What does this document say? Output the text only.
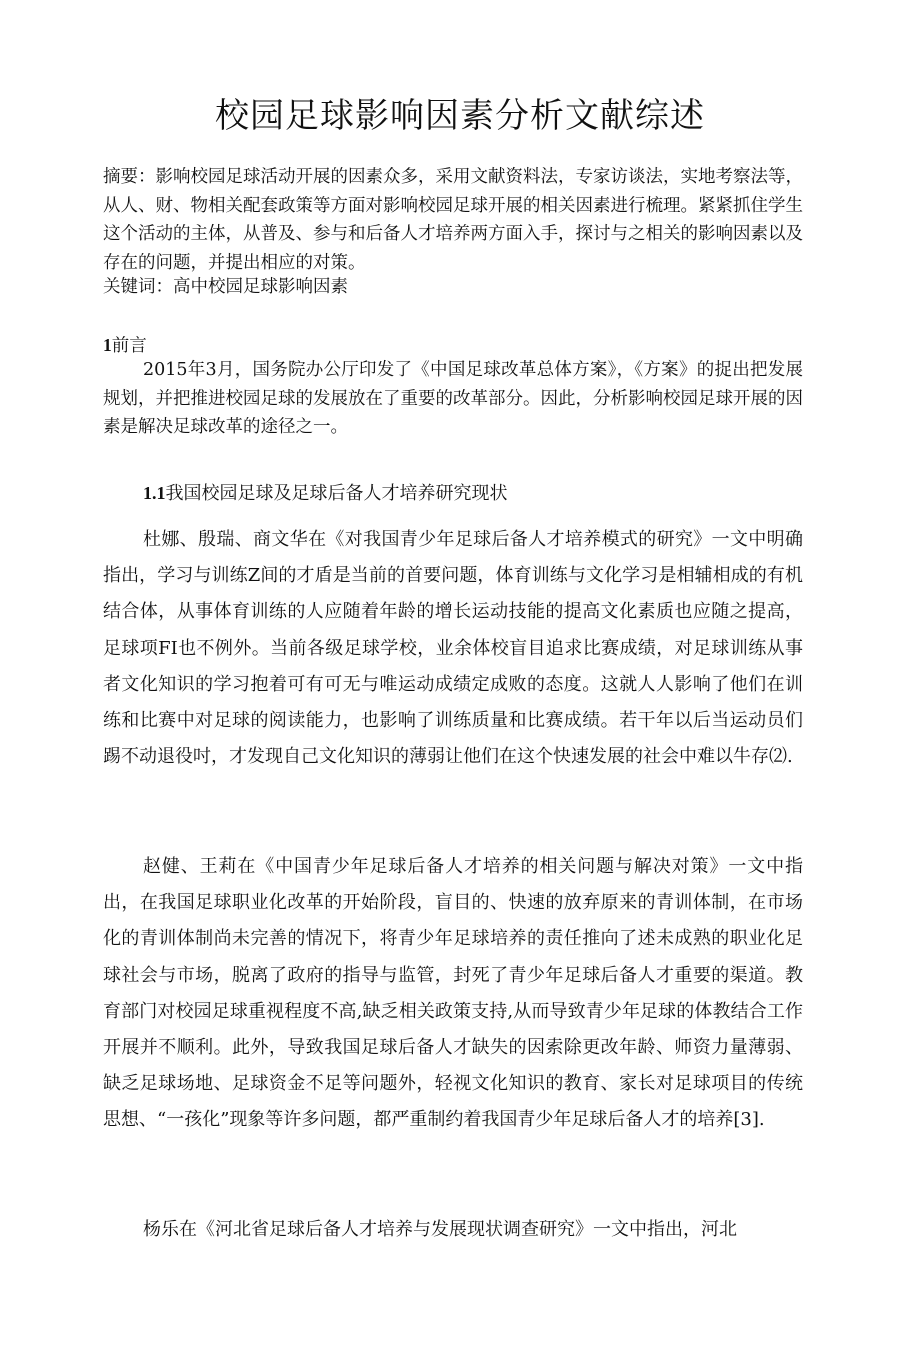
校园足球影响因素分析文献综述

摘要：影响校园足球活动开展的因素众多，采用文献资料法，专家访谈法，实地考察法等，从人、财、物相关配套政策等方面对影响校园足球开展的相关因素进行梳理。紧紧抓住学生这个活动的主体，从普及、参与和后备人才培养两方面入手，探讨与之相关的影响因素以及存在的问题，并提出相应的对策。

关键词：高中校园足球影响因素

1前言

2015年3月，国务院办公厅印发了《中国足球改革总体方案》，《方案》的捉出把发展规划，并把推进校园足球的发展放在了重要的改革部分。因此，分析影响校园足球开展的因素是解决足球改革的途径之一。

1.1我国校园足球及足球后备人才培养研究现状

杜娜、殷瑞、商文华在《对我国青少年足球后备人才培养模式的研究》一文中明确指出，学习与训练Z间的才盾是当前的首要问题，体育训练与文化学习是相辅相成的有机结合体，从事体育训练的人应随着年龄的增长运动技能的提高文化素质也应随之提高，足球项FI也不例外。当前各级足球学校，业余体校盲目追求比赛成绩，对足球训练从事者文化知识的学习抱着可有可无与唯运动成绩定成败的态度。这就人人影响了他们在训练和比赛中对足球的阅读能力，也影响了训练质量和比赛成绩。若干年以后当运动员们踢不动退役吋，才发现自己文化知识的薄弱让他们在这个快速发展的社会中难以牛存⑵.

赵健、王莉在《中国青少年足球后备人才培养的相关问题与解决对策》一文中指出，在我国足球职业化改革的开始阶段，盲目的、快速的放弃原来的青训体制，在市场化的青训体制尚未完善的情况下，将青少年足球培养的责任推向了述未成熟的职业化足球社会与市场，脱离了政府的指导与监管，封死了青少年足球后备人才重要的渠道。教育部门对校园足球重视程度不高,缺乏相关政策支持,从而导致青少年足球的体教结合工作开展并不顺利。此外，导致我国足球后备人才缺失的因索除更改年龄、师资力量薄弱、缺乏足球场地、足球资金不足等问题外，轻视文化知识的教育、家长对足球项目的传统思想、“一孩化”现象等许多问题，都严重制约着我国青少年足球后备人才的培养[3].

杨乐在《河北省足球后备人才培养与发展现状调查研究》一文中指出，河北
